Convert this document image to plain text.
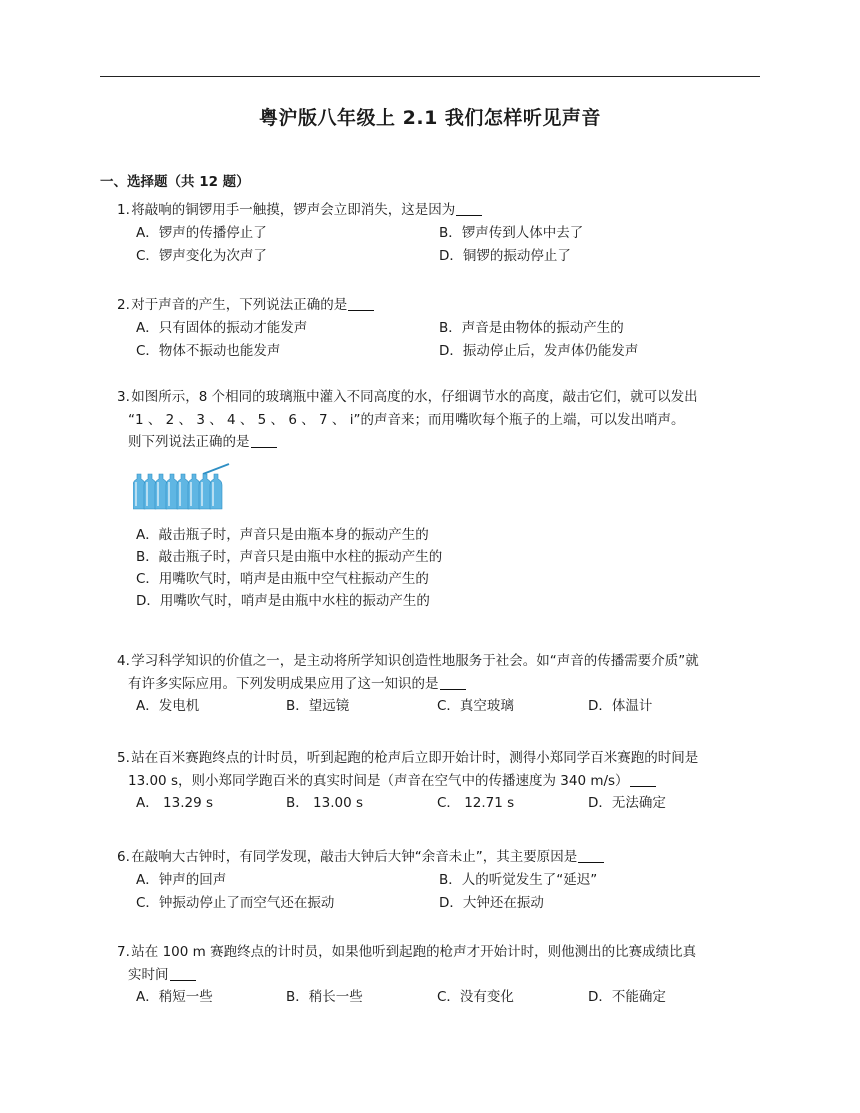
粤沪版八年级上 2.1 我们怎样听见声音
一、选择题（共 12 题）
1. 将敲响的铜锣用手一触摸，锣声会立即消失，这是因为
A．锣声的传播停止了	B．锣声传到人体中去了
C．锣声变化为次声了	D．铜锣的振动停止了
2. 对于声音的产生，下列说法正确的是
A．只有固体的振动才能发声	B．声音是由物体的振动产生的
C．物体不振动也能发声	D．振动停止后，发声体仍能发声
3. 如图所示，8 个相同的玻璃瓶中灌入不同高度的水，仔细调节水的高度，敲击它们，就可以发出
“1 、 2 、 3 、 4 、 5 、 6 、 7 、 i”的声音来；而用嘴吹每个瓶子的上端，可以发出哨声。
则下列说法正确的是
A．敲击瓶子时，声音只是由瓶本身的振动产生的
B．敲击瓶子时，声音只是由瓶中水柱的振动产生的
C．用嘴吹气时，哨声是由瓶中空气柱振动产生的
D．用嘴吹气时，哨声是由瓶中水柱的振动产生的
4. 学习科学知识的价值之一，是主动将所学知识创造性地服务于社会。如“声音的传播需要介质”就
有许多实际应用。下列发明成果应用了这一知识的是
A．发电机	B．望远镜	C．真空玻璃	D．体温计
5. 站在百米赛跑终点的计时员，听到起跑的枪声后立即开始计时，测得小郑同学百米赛跑的时间是
13.00 s，则小郑同学跑百米的真实时间是（声音在空气中的传播速度为 340 m/s）
A． 13.29 s	B． 13.00 s	C． 12.71 s	D．无法确定
6. 在敲响大古钟时，有同学发现，敲击大钟后大钟“余音未止”，其主要原因是
A．钟声的回声	B．人的听觉发生了“延迟”
C．钟振动停止了而空气还在振动	D．大钟还在振动
7. 站在 100 m 赛跑终点的计时员，如果他听到起跑的枪声才开始计时，则他测出的比赛成绩比真
实时间
A．稍短一些	B．稍长一些	C．没有变化	D．不能确定
